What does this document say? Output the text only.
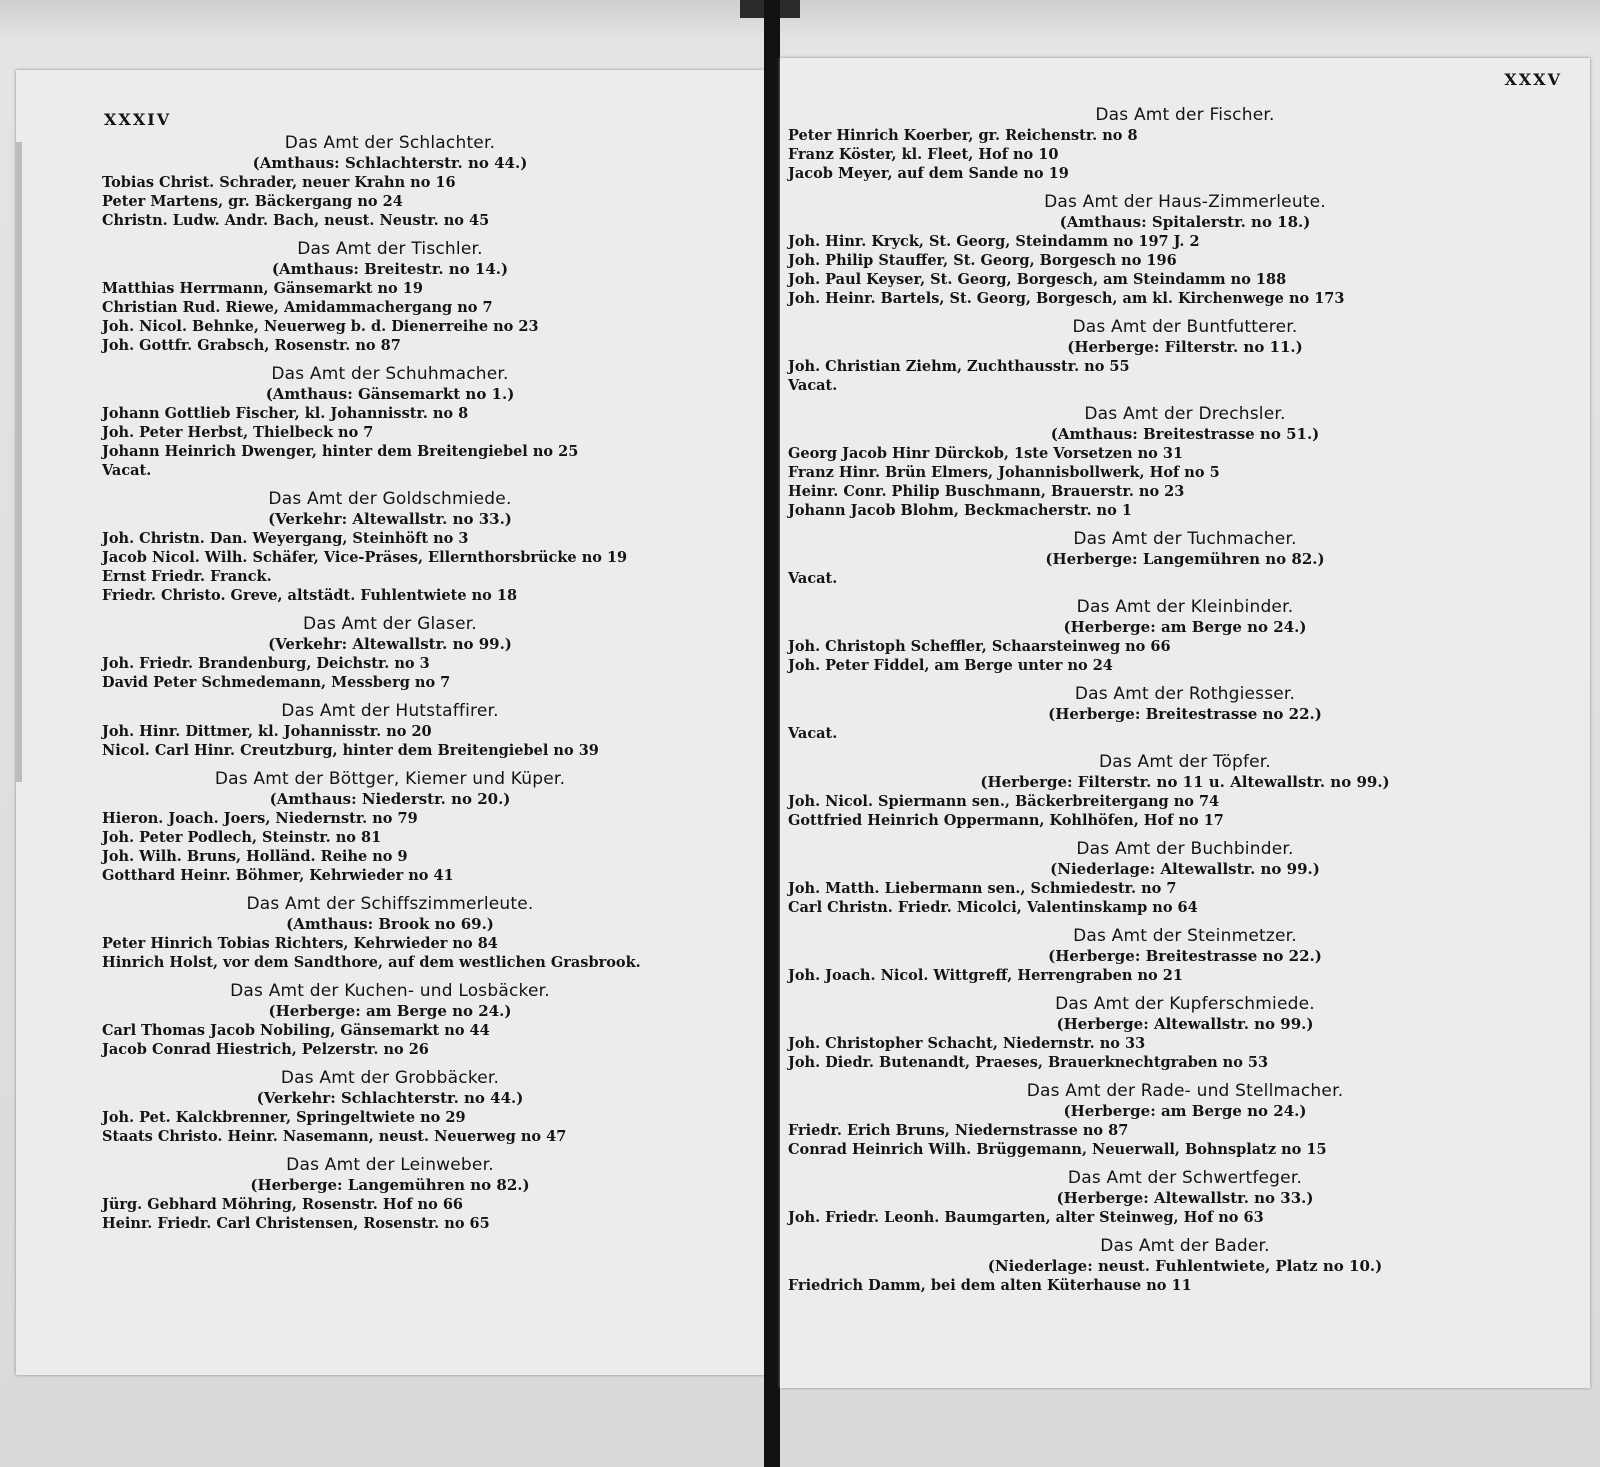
XXXIV
Das Amt der Schlachter.
(Amthaus: Schlachterstr. no 44.)
Tobias Christ. Schrader, neuer Krahn no 16
Peter Martens, gr. Bäckergang no 24
Christn. Ludw. Andr. Bach, neust. Neustr. no 45
Das Amt der Tischler.
(Amthaus: Breitestr. no 14.)
Matthias Herrmann, Gänsemarkt no 19
Christian Rud. Riewe, Amidammachergang no 7
Joh. Nicol. Behnke, Neuerweg b. d. Dienerreihe no 23
Joh. Gottfr. Grabsch, Rosenstr. no 87
Das Amt der Schuhmacher.
(Amthaus: Gänsemarkt no 1.)
Johann Gottlieb Fischer, kl. Johannisstr. no 8
Joh. Peter Herbst, Thielbeck no 7
Johann Heinrich Dwenger, hinter dem Breitengiebel no 25
Vacat.
Das Amt der Goldschmiede.
(Verkehr: Altewallstr. no 33.)
Joh. Christn. Dan. Weyergang, Steinhöft no 3
Jacob Nicol. Wilh. Schäfer, Vice-Präses, Ellernthorsbrücke no 19
Ernst Friedr. Franck.
Friedr. Christo. Greve, altstädt. Fuhlentwiete no 18
Das Amt der Glaser.
(Verkehr: Altewallstr. no 99.)
Joh. Friedr. Brandenburg, Deichstr. no 3
David Peter Schmedemann, Messberg no 7
Das Amt der Hutstaffirer.
Joh. Hinr. Dittmer, kl. Johannisstr. no 20
Nicol. Carl Hinr. Creutzburg, hinter dem Breitengiebel no 39
Das Amt der Böttger, Kiemer und Küper.
(Amthaus: Niederstr. no 20.)
Hieron. Joach. Joers, Niedernstr. no 79
Joh. Peter Podlech, Steinstr. no 81
Joh. Wilh. Bruns, Holländ. Reihe no 9
Gotthard Heinr. Böhmer, Kehrwieder no 41
Das Amt der Schiffszimmerleute.
(Amthaus: Brook no 69.)
Peter Hinrich Tobias Richters, Kehrwieder no 84
Hinrich Holst, vor dem Sandthore, auf dem westlichen Grasbrook.
Das Amt der Kuchen- und Losbäcker.
(Herberge: am Berge no 24.)
Carl Thomas Jacob Nobiling, Gänsemarkt no 44
Jacob Conrad Hiestrich, Pelzerstr. no 26
Das Amt der Grobbäcker.
(Verkehr: Schlachterstr. no 44.)
Joh. Pet. Kalckbrenner, Springeltwiete no 29
Staats Christo. Heinr. Nasemann, neust. Neuerweg no 47
Das Amt der Leinweber.
(Herberge: Langemühren no 82.)
Jürg. Gebhard Möhring, Rosenstr. Hof no 66
Heinr. Friedr. Carl Christensen, Rosenstr. no 65
XXXV
Das Amt der Fischer.
Peter Hinrich Koerber, gr. Reichenstr. no 8
Franz Köster, kl. Fleet, Hof no 10
Jacob Meyer, auf dem Sande no 19
Das Amt der Haus-Zimmerleute.
(Amthaus: Spitalerstr. no 18.)
Joh. Hinr. Kryck, St. Georg, Steindamm no 197 J. 2
Joh. Philip Stauffer, St. Georg, Borgesch no 196
Joh. Paul Keyser, St. Georg, Borgesch, am Steindamm no 188
Joh. Heinr. Bartels, St. Georg, Borgesch, am kl. Kirchenwege no 173
Das Amt der Buntfutterer.
(Herberge: Filterstr. no 11.)
Joh. Christian Ziehm, Zuchthausstr. no 55
Vacat.
Das Amt der Drechsler.
(Amthaus: Breitestrasse no 51.)
Georg Jacob Hinr Dürckob, 1ste Vorsetzen no 31
Franz Hinr. Brün Elmers, Johannisbollwerk, Hof no 5
Heinr. Conr. Philip Buschmann, Brauerstr. no 23
Johann Jacob Blohm, Beckmacherstr. no 1
Das Amt der Tuchmacher.
(Herberge: Langemühren no 82.)
Vacat.
Das Amt der Kleinbinder.
(Herberge: am Berge no 24.)
Joh. Christoph Scheffler, Schaarsteinweg no 66
Joh. Peter Fiddel, am Berge unter no 24
Das Amt der Rothgiesser.
(Herberge: Breitestrasse no 22.)
Vacat.
Das Amt der Töpfer.
(Herberge: Filterstr. no 11 u. Altewallstr. no 99.)
Joh. Nicol. Spiermann sen., Bäckerbreitergang no 74
Gottfried Heinrich Oppermann, Kohlhöfen, Hof no 17
Das Amt der Buchbinder.
(Niederlage: Altewallstr. no 99.)
Joh. Matth. Liebermann sen., Schmiedestr. no 7
Carl Christn. Friedr. Micolci, Valentinskamp no 64
Das Amt der Steinmetzer.
(Herberge: Breitestrasse no 22.)
Joh. Joach. Nicol. Wittgreff, Herrengraben no 21
Das Amt der Kupferschmiede.
(Herberge: Altewallstr. no 99.)
Joh. Christopher Schacht, Niedernstr. no 33
Joh. Diedr. Butenandt, Praeses, Brauerknechtgraben no 53
Das Amt der Rade- und Stellmacher.
(Herberge: am Berge no 24.)
Friedr. Erich Bruns, Niedernstrasse no 87
Conrad Heinrich Wilh. Brüggemann, Neuerwall, Bohnsplatz no 15
Das Amt der Schwertfeger.
(Herberge: Altewallstr. no 33.)
Joh. Friedr. Leonh. Baumgarten, alter Steinweg, Hof no 63
Das Amt der Bader.
(Niederlage: neust. Fuhlentwiete, Platz no 10.)
Friedrich Damm, bei dem alten Küterhause no 11
